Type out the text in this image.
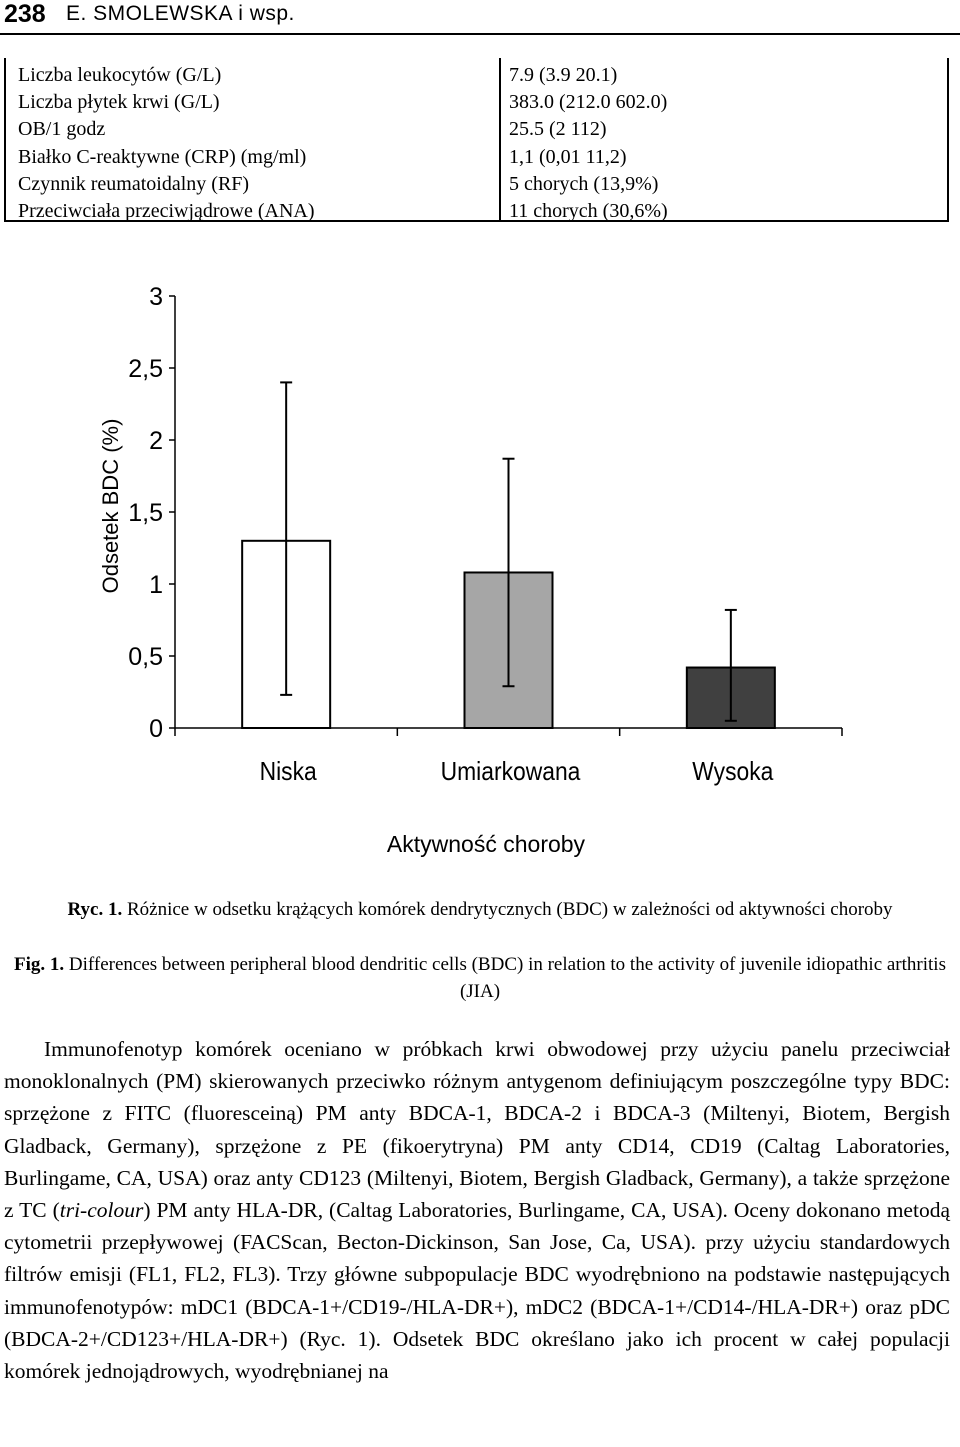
238 E. SMOLEWSKA i wsp.
Liczba leukocytów (G/L)
Liczba płytek krwi (G/L)
OB/1 godz
Białko C-reaktywne (CRP) (mg/ml)
Czynnik reumatoidalny (RF)
Przeciwciała przeciwjądrowe (ANA)
7.9 (3.9 20.1)
383.0 (212.0 602.0)
25.5 (2 112)
1,1 (0,01 11,2)
5 chorych (13,9%)
11 chorych (30,6%)
0
0,5
1
1,5
2
2,5
3
Niska	Umiarkowana	Wysoka
Odsetek BDC (%)
Aktywność choroby
Ryc. 1. Różnice w odsetku krążących komórek dendrytycznych (BDC) w zależności od aktywności choroby
Fig. 1. Differences between peripheral blood dendritic cells (BDC) in relation to the activity of juvenile idiopathic arthritis (JIA)

Immunofenotyp komórek oceniano w próbkach krwi obwodowej przy użyciu panelu przeciwciał monoklonalnych (PM) skierowanych przeciwko różnym antygenom definiującym poszczególne typy BDC: sprzężone z FITC (fluoresceiną) PM anty BDCA-1, BDCA-2 i BDCA-3 (Miltenyi, Biotem, Bergish Gladback, Germany), sprzężone z PE (fikoerytryna) PM anty CD14, CD19 (Caltag Laboratories, Burlingame, CA, USA) oraz anty CD123 (Miltenyi, Biotem, Bergish Gladback, Germany), a także sprzężone z TC (tri-colour) PM anty HLA-DR, (Caltag Laboratories, Burlingame, CA, USA). Oceny dokonano metodą cytometrii przepływowej (FACScan, Becton-Dickinson, San Jose, Ca, USA). przy użyciu standardowych filtrów emisji (FL1, FL2, FL3). Trzy główne subpopulacje BDC wyodrębniono na podstawie następujących immunofenotypów: mDC1 (BDCA-1+/CD19-/HLA-DR+), mDC2 (BDCA-1+/CD14-/HLA-DR+) oraz pDC (BDCA-2+/CD123+/HLA-DR+) (Ryc. 1). Odsetek BDC określano jako ich procent w całej populacji komórek jednojądrowych, wyodrębnianej na
